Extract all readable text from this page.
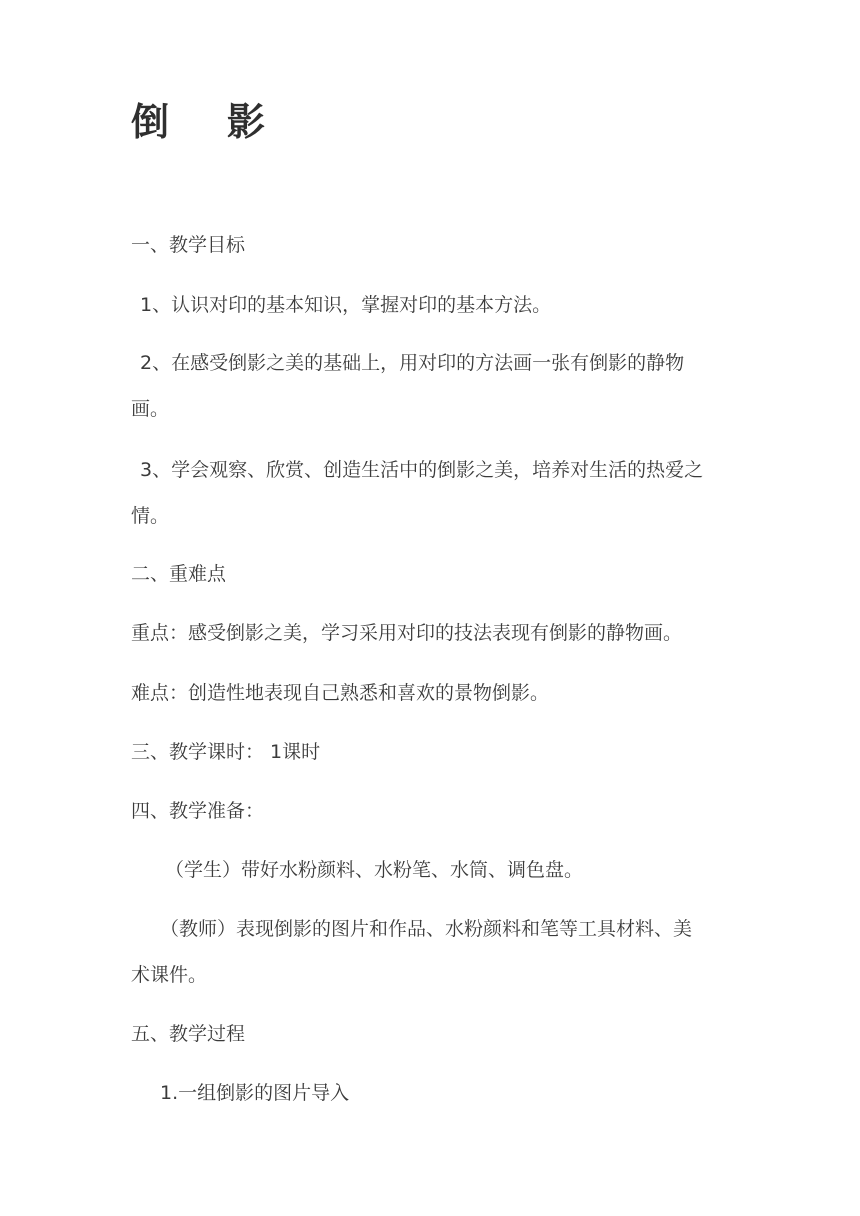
倒    影
一、教学目标
1、认识对印的基本知识，掌握对印的基本方法。
2、在感受倒影之美的基础上，用对印的方法画一张有倒影的静物
画。
3、学会观察、欣赏、创造生活中的倒影之美，培养对生活的热爱之
情。
二、重难点
重点：感受倒影之美，学习采用对印的技法表现有倒影的静物画。
难点：创造性地表现自己熟悉和喜欢的景物倒影。
三、教学课时： 1课时
四、教学准备：
（学生）带好水粉颜料、水粉笔、水筒、调色盘。
（教师）表现倒影的图片和作品、水粉颜料和笔等工具材料、美
术课件。
五、教学过程
1.一组倒影的图片导入
